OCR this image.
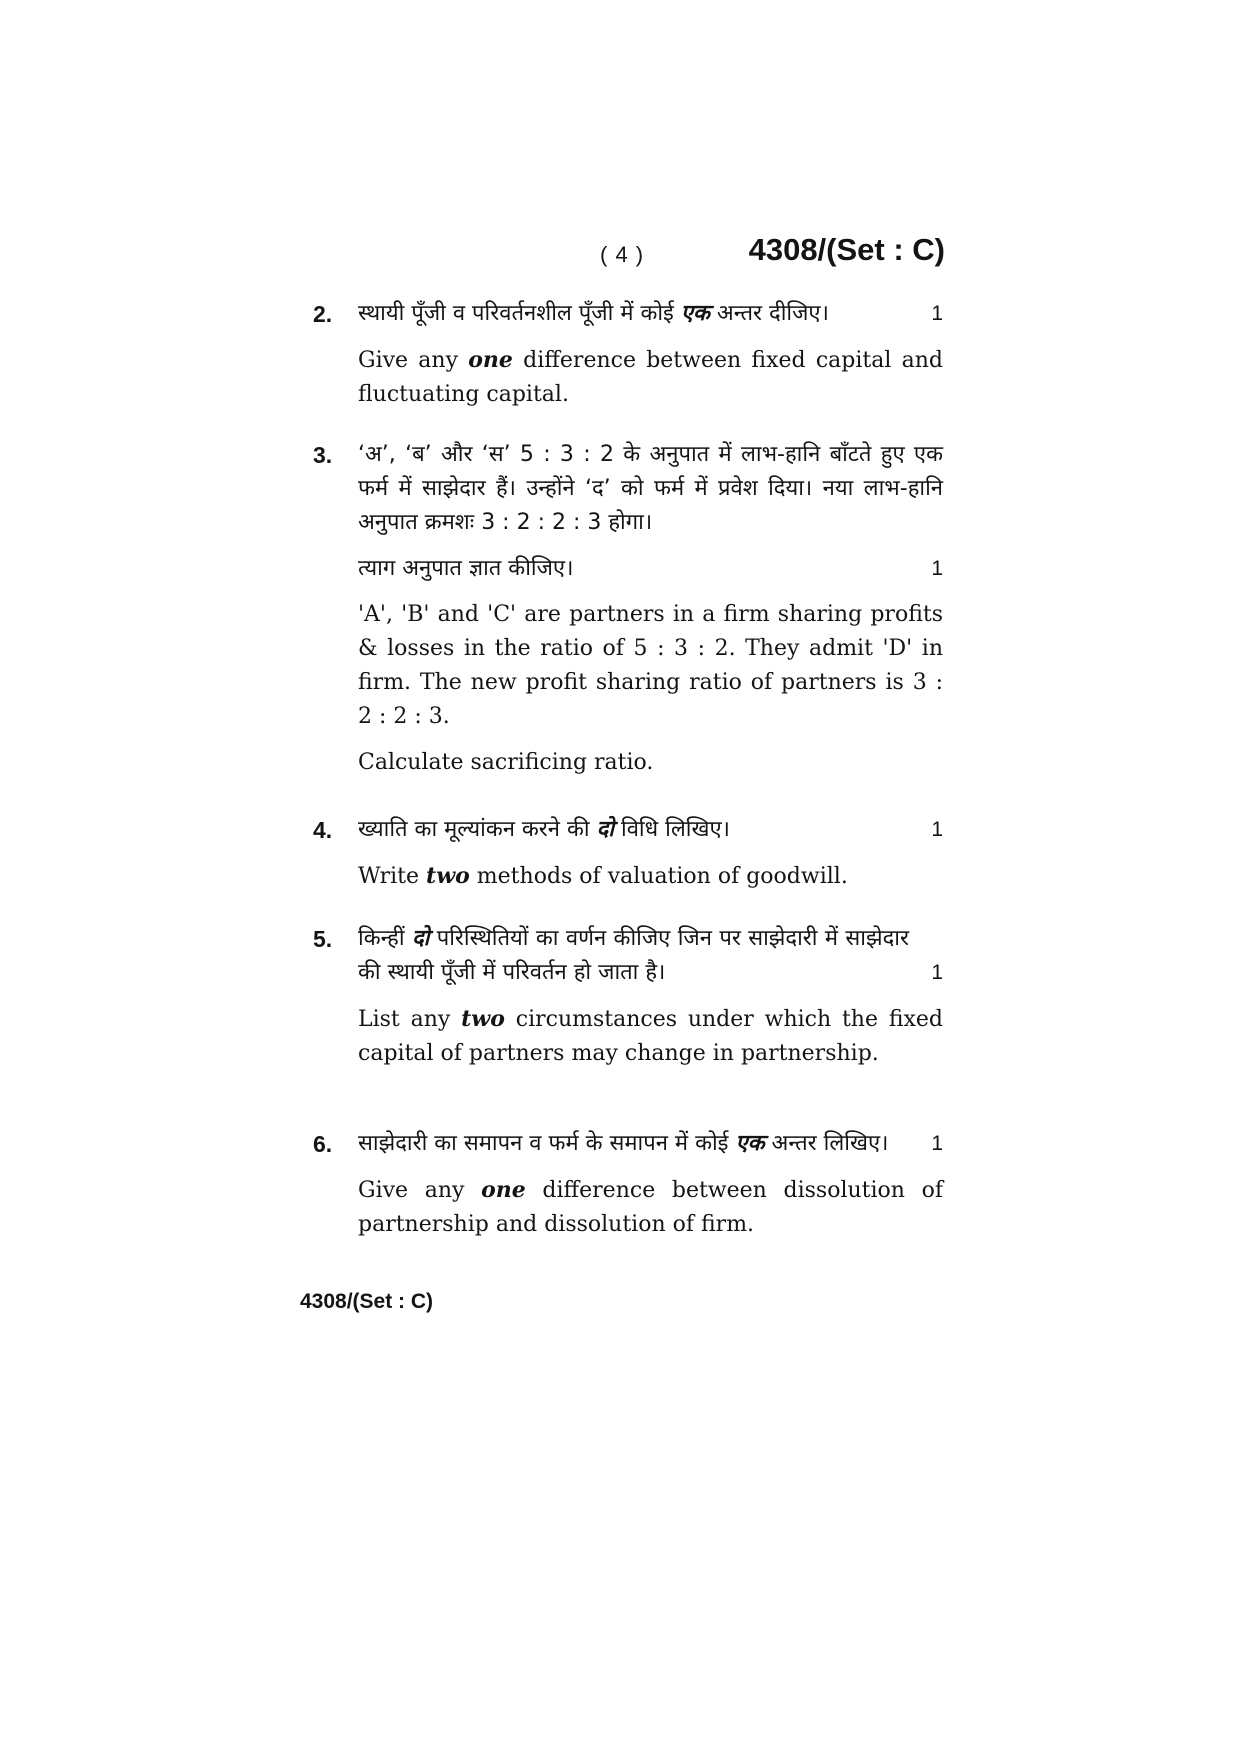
( 4 )	4308/(Set : C)
2. स्थायी पूँजी व परिवर्तनशील पूँजी में कोई एक अन्तर दीजिए।	1

Give any one difference between fixed capital and fluctuating capital.

3. ‘अ’, ‘ब’ और ‘स’ 5 : 3 : 2 के अनुपात में लाभ-हानि बाँटते हुए एक फर्म में साझेदार हैं। उन्होंने ‘द’ को फर्म में प्रवेश दिया। नया लाभ-हानि अनुपात क्रमशः 3 : 2 : 2 : 3 होगा।

त्याग अनुपात ज्ञात कीजिए।	1

'A', 'B' and 'C' are partners in a firm sharing profits & losses in the ratio of 5 : 3 : 2. They admit 'D' in firm. The new profit sharing ratio of partners is 3 : 2 : 2 : 3.

Calculate sacrificing ratio.

4. ख्याति का मूल्यांकन करने की दो विधि लिखिए।	1

Write two methods of valuation of goodwill.

5. किन्हीं दो परिस्थितियों का वर्णन कीजिए जिन पर साझेदारी में साझेदार की स्थायी पूँजी में परिवर्तन हो जाता है।	1

List any two circumstances under which the fixed capital of partners may change in partnership.

6. साझेदारी का समापन व फर्म के समापन में कोई एक अन्तर लिखिए। 1

Give any one difference between dissolution of partnership and dissolution of firm.

4308/(Set : C)
